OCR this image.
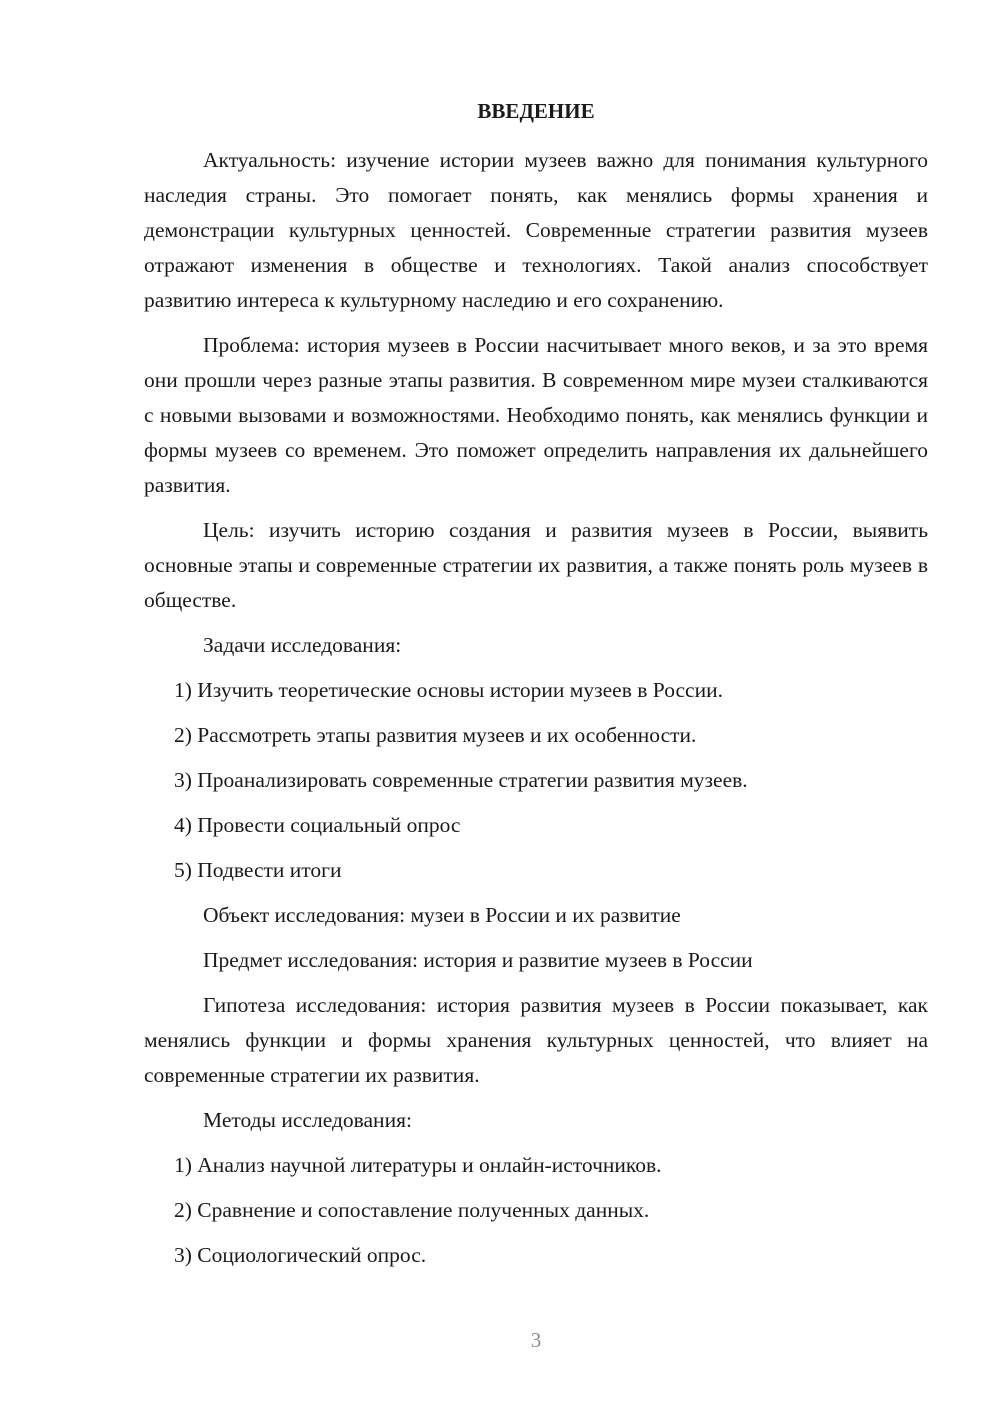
ВВЕДЕНИЕ

Актуальность: изучение истории музеев важно для понимания культурного наследия страны. Это помогает понять, как менялись формы хранения и демонстрации культурных ценностей. Современные стратегии развития музеев отражают изменения в обществе и технологиях. Такой анализ способствует развитию интереса к культурному наследию и его сохранению.

Проблема: история музеев в России насчитывает много веков, и за это время они прошли через разные этапы развития. В современном мире музеи сталкиваются с новыми вызовами и возможностями. Необходимо понять, как менялись функции и формы музеев со временем. Это поможет определить направления их дальнейшего развития.

Цель: изучить историю создания и развития музеев в России, выявить основные этапы и современные стратегии их развития, а также понять роль музеев в обществе.

Задачи исследования:

1) Изучить теоретические основы истории музеев в России.

2) Рассмотреть этапы развития музеев и их особенности.

3) Проанализировать современные стратегии развития музеев.

4) Провести социальный опрос

5) Подвести итоги

Объект исследования: музеи в России и их развитие

Предмет исследования: история и развитие музеев в России

Гипотеза исследования: история развития музеев в России показывает, как менялись функции и формы хранения культурных ценностей, что влияет на современные стратегии их развития.

Методы исследования:

1) Анализ научной литературы и онлайн-источников.

2) Сравнение и сопоставление полученных данных.

3) Социологический опрос.

3
